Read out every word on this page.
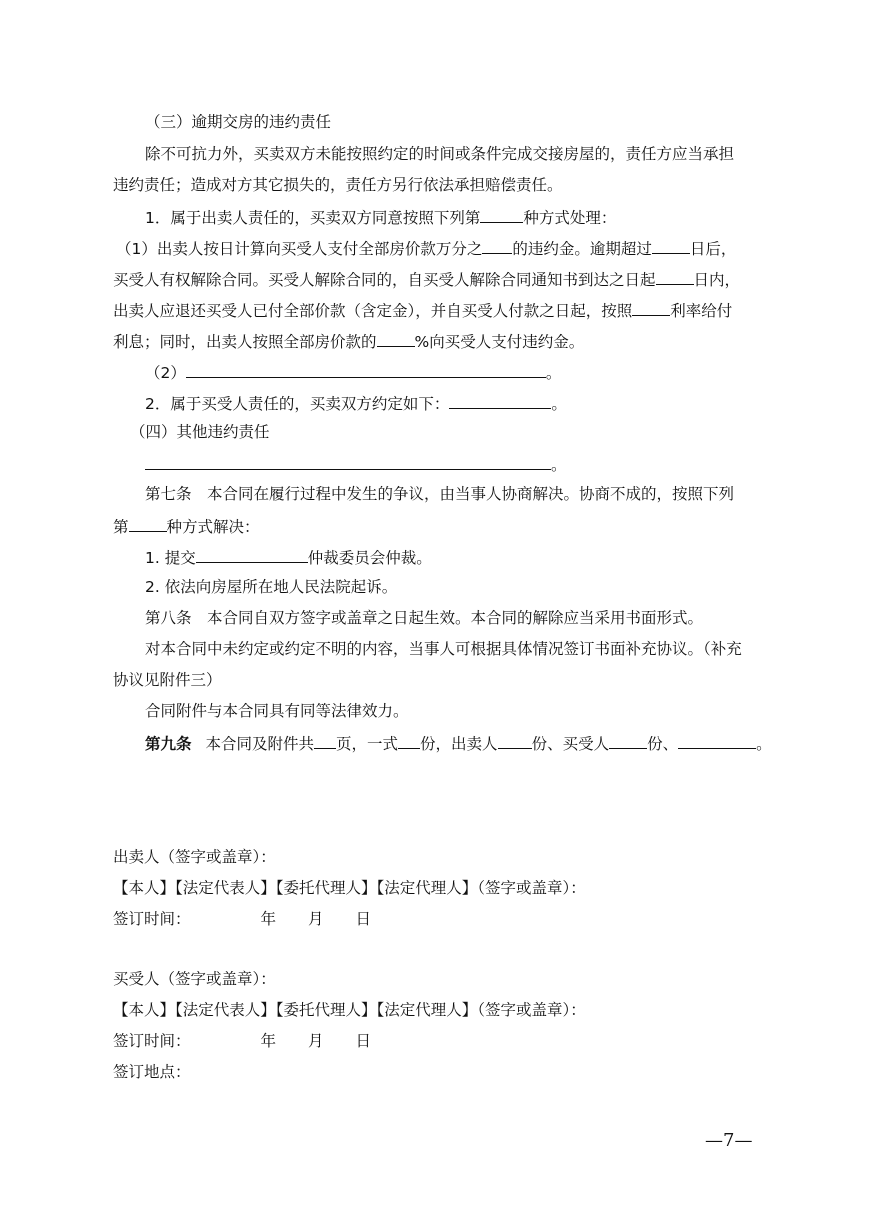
（三）逾期交房的违约责任
除不可抗力外，买卖双方未能按照约定的时间或条件完成交接房屋的，责任方应当承担
违约责任；造成对方其它损失的，责任方另行依法承担赔偿责任。
1．属于出卖人责任的，买卖双方同意按照下列第	种方式处理：
（1）出卖人按日计算向买受人支付全部房价款万分之 的违约金。逾期超过 日后，
买受人有权解除合同。买受人解除合同的，自买受人解除合同通知书到达之日起 日内，
出卖人应退还买受人已付全部价款（含定金），并自买受人付款之日起，按照 利率给付
利息；同时，出卖人按照全部房价款的 %向买受人支付违约金。
（2）	。
2．属于买受人责任的，买卖双方约定如下：	。
（四）其他违约责任
。
第七条　本合同在履行过程中发生的争议，由当事人协商解决。协商不成的，按照下列
第 种方式解决：
1. 提交	仲裁委员会仲裁。
2. 依法向房屋所在地人民法院起诉。
第八条　本合同自双方签字或盖章之日起生效。本合同的解除应当采用书面形式。
对本合同中未约定或约定不明的内容，当事人可根据具体情况签订书面补充协议。（补充
协议见附件三）
合同附件与本合同具有同等法律效力。
第九条 本合同及附件共 页，一式 份，出卖人 份、买受人 份、	。
出卖人（签字或盖章）：
【本人】【法定代表人】【委托代理人】【法定代理人】（签字或盖章）：
签订时间：	年 月 日
买受人（签字或盖章）：
【本人】【法定代表人】【委托代理人】【法定代理人】（签字或盖章）：
签订时间：	年 月 日
签订地点：
—7—
